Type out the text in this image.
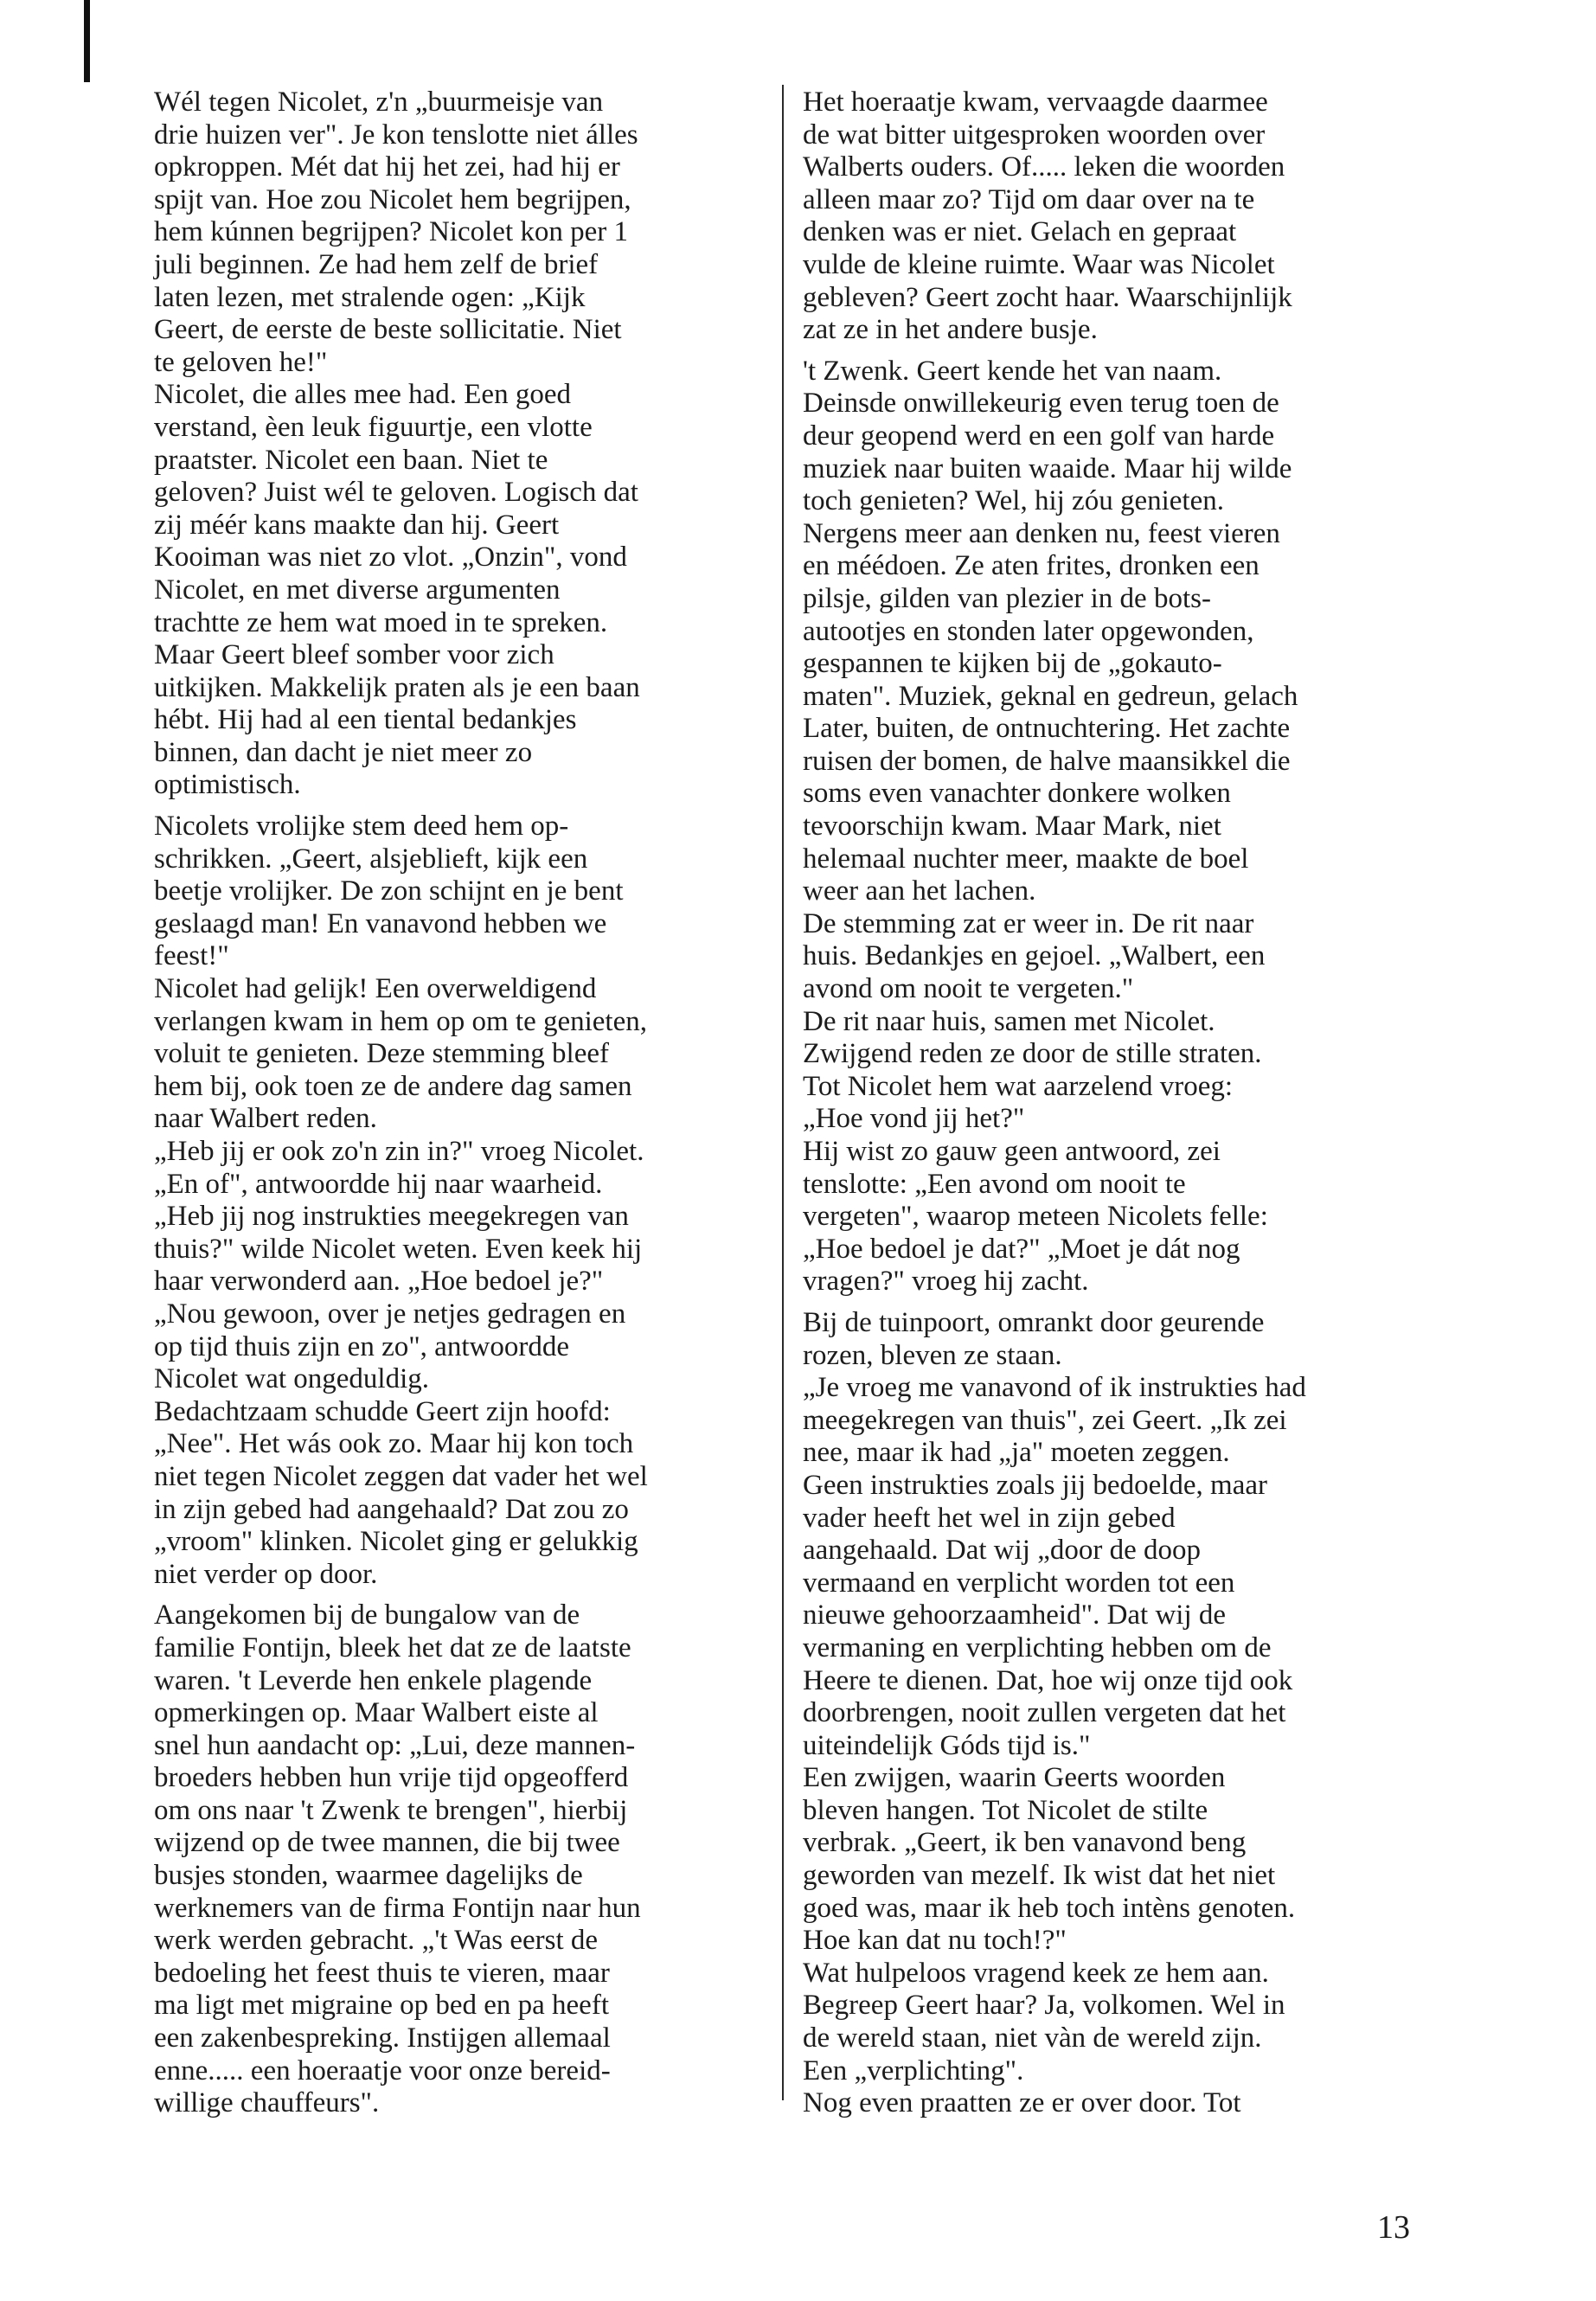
Wél tegen Nicolet, z'n „buurmeisje van
drie huizen ver". Je kon tenslotte niet álles
opkroppen. Mét dat hij het zei, had hij er
spijt van. Hoe zou Nicolet hem begrijpen,
hem kúnnen begrijpen? Nicolet kon per 1
juli beginnen. Ze had hem zelf de brief
laten lezen, met stralende ogen: „Kijk
Geert, de eerste de beste sollicitatie. Niet
te geloven he!"
Nicolet, die alles mee had. Een goed
verstand, èen leuk figuurtje, een vlotte
praatster. Nicolet een baan. Niet te
geloven? Juist wél te geloven. Logisch dat
zij méér kans maakte dan hij. Geert
Kooiman was niet zo vlot. „Onzin", vond
Nicolet, en met diverse argumenten
trachtte ze hem wat moed in te spreken.
Maar Geert bleef somber voor zich
uitkijken. Makkelijk praten als je een baan
hébt. Hij had al een tiental bedankjes
binnen, dan dacht je niet meer zo
optimistisch.

Nicolets vrolijke stem deed hem op-
schrikken. „Geert, alsjeblieft, kijk een
beetje vrolijker. De zon schijnt en je bent
geslaagd man! En vanavond hebben we
feest!"
Nicolet had gelijk! Een overweldigend
verlangen kwam in hem op om te genieten,
voluit te genieten. Deze stemming bleef
hem bij, ook toen ze de andere dag samen
naar Walbert reden.
„Heb jij er ook zo'n zin in?" vroeg Nicolet.
„En of", antwoordde hij naar waarheid.
„Heb jij nog instrukties meegekregen van
thuis?" wilde Nicolet weten. Even keek hij
haar verwonderd aan. „Hoe bedoel je?"
„Nou gewoon, over je netjes gedragen en
op tijd thuis zijn en zo", antwoordde
Nicolet wat ongeduldig.
Bedachtzaam schudde Geert zijn hoofd:
„Nee". Het wás ook zo. Maar hij kon toch
niet tegen Nicolet zeggen dat vader het wel
in zijn gebed had aangehaald? Dat zou zo
„vroom" klinken. Nicolet ging er gelukkig
niet verder op door.

Aangekomen bij de bungalow van de
familie Fontijn, bleek het dat ze de laatste
waren. 't Leverde hen enkele plagende
opmerkingen op. Maar Walbert eiste al
snel hun aandacht op: „Lui, deze mannen-
broeders hebben hun vrije tijd opgeofferd
om ons naar 't Zwenk te brengen", hierbij
wijzend op de twee mannen, die bij twee
busjes stonden, waarmee dagelijks de
werknemers van de firma Fontijn naar hun
werk werden gebracht. „'t Was eerst de
bedoeling het feest thuis te vieren, maar
ma ligt met migraine op bed en pa heeft
een zakenbespreking. Instijgen allemaal
enne..... een hoeraatje voor onze bereid-
willige chauffeurs".

Het hoeraatje kwam, vervaagde daarmee
de wat bitter uitgesproken woorden over
Walberts ouders. Of..... leken die woorden
alleen maar zo? Tijd om daar over na te
denken was er niet. Gelach en gepraat
vulde de kleine ruimte. Waar was Nicolet
gebleven? Geert zocht haar. Waarschijnlijk
zat ze in het andere busje.

't Zwenk. Geert kende het van naam.
Deinsde onwillekeurig even terug toen de
deur geopend werd en een golf van harde
muziek naar buiten waaide. Maar hij wilde
toch genieten? Wel, hij zóu genieten.
Nergens meer aan denken nu, feest vieren
en méédoen. Ze aten frites, dronken een
pilsje, gilden van plezier in de bots-
autootjes en stonden later opgewonden,
gespannen te kijken bij de „gokauto-
maten". Muziek, geknal en gedreun, gelach
Later, buiten, de ontnuchtering. Het zachte
ruisen der bomen, de halve maansikkel die
soms even vanachter donkere wolken
tevoorschijn kwam. Maar Mark, niet
helemaal nuchter meer, maakte de boel
weer aan het lachen.
De stemming zat er weer in. De rit naar
huis. Bedankjes en gejoel. „Walbert, een
avond om nooit te vergeten."
De rit naar huis, samen met Nicolet.
Zwijgend reden ze door de stille straten.
Tot Nicolet hem wat aarzelend vroeg:
„Hoe vond jij het?"
Hij wist zo gauw geen antwoord, zei
tenslotte: „Een avond om nooit te
vergeten", waarop meteen Nicolets felle:
„Hoe bedoel je dat?" „Moet je dát nog
vragen?" vroeg hij zacht.

Bij de tuinpoort, omrankt door geurende
rozen, bleven ze staan.
„Je vroeg me vanavond of ik instrukties had
meegekregen van thuis", zei Geert. „Ik zei
nee, maar ik had „ja" moeten zeggen.
Geen instrukties zoals jij bedoelde, maar
vader heeft het wel in zijn gebed
aangehaald. Dat wij „door de doop
vermaand en verplicht worden tot een
nieuwe gehoorzaamheid". Dat wij de
vermaning en verplichting hebben om de
Heere te dienen. Dat, hoe wij onze tijd ook
doorbrengen, nooit zullen vergeten dat het
uiteindelijk Góds tijd is."
Een zwijgen, waarin Geerts woorden
bleven hangen. Tot Nicolet de stilte
verbrak. „Geert, ik ben vanavond beng
geworden van mezelf. Ik wist dat het niet
goed was, maar ik heb toch intèns genoten.
Hoe kan dat nu toch!?"
Wat hulpeloos vragend keek ze hem aan.
Begreep Geert haar? Ja, volkomen. Wel in
de wereld staan, niet vàn de wereld zijn.
Een „verplichting".
Nog even praatten ze er over door. Tot

13
